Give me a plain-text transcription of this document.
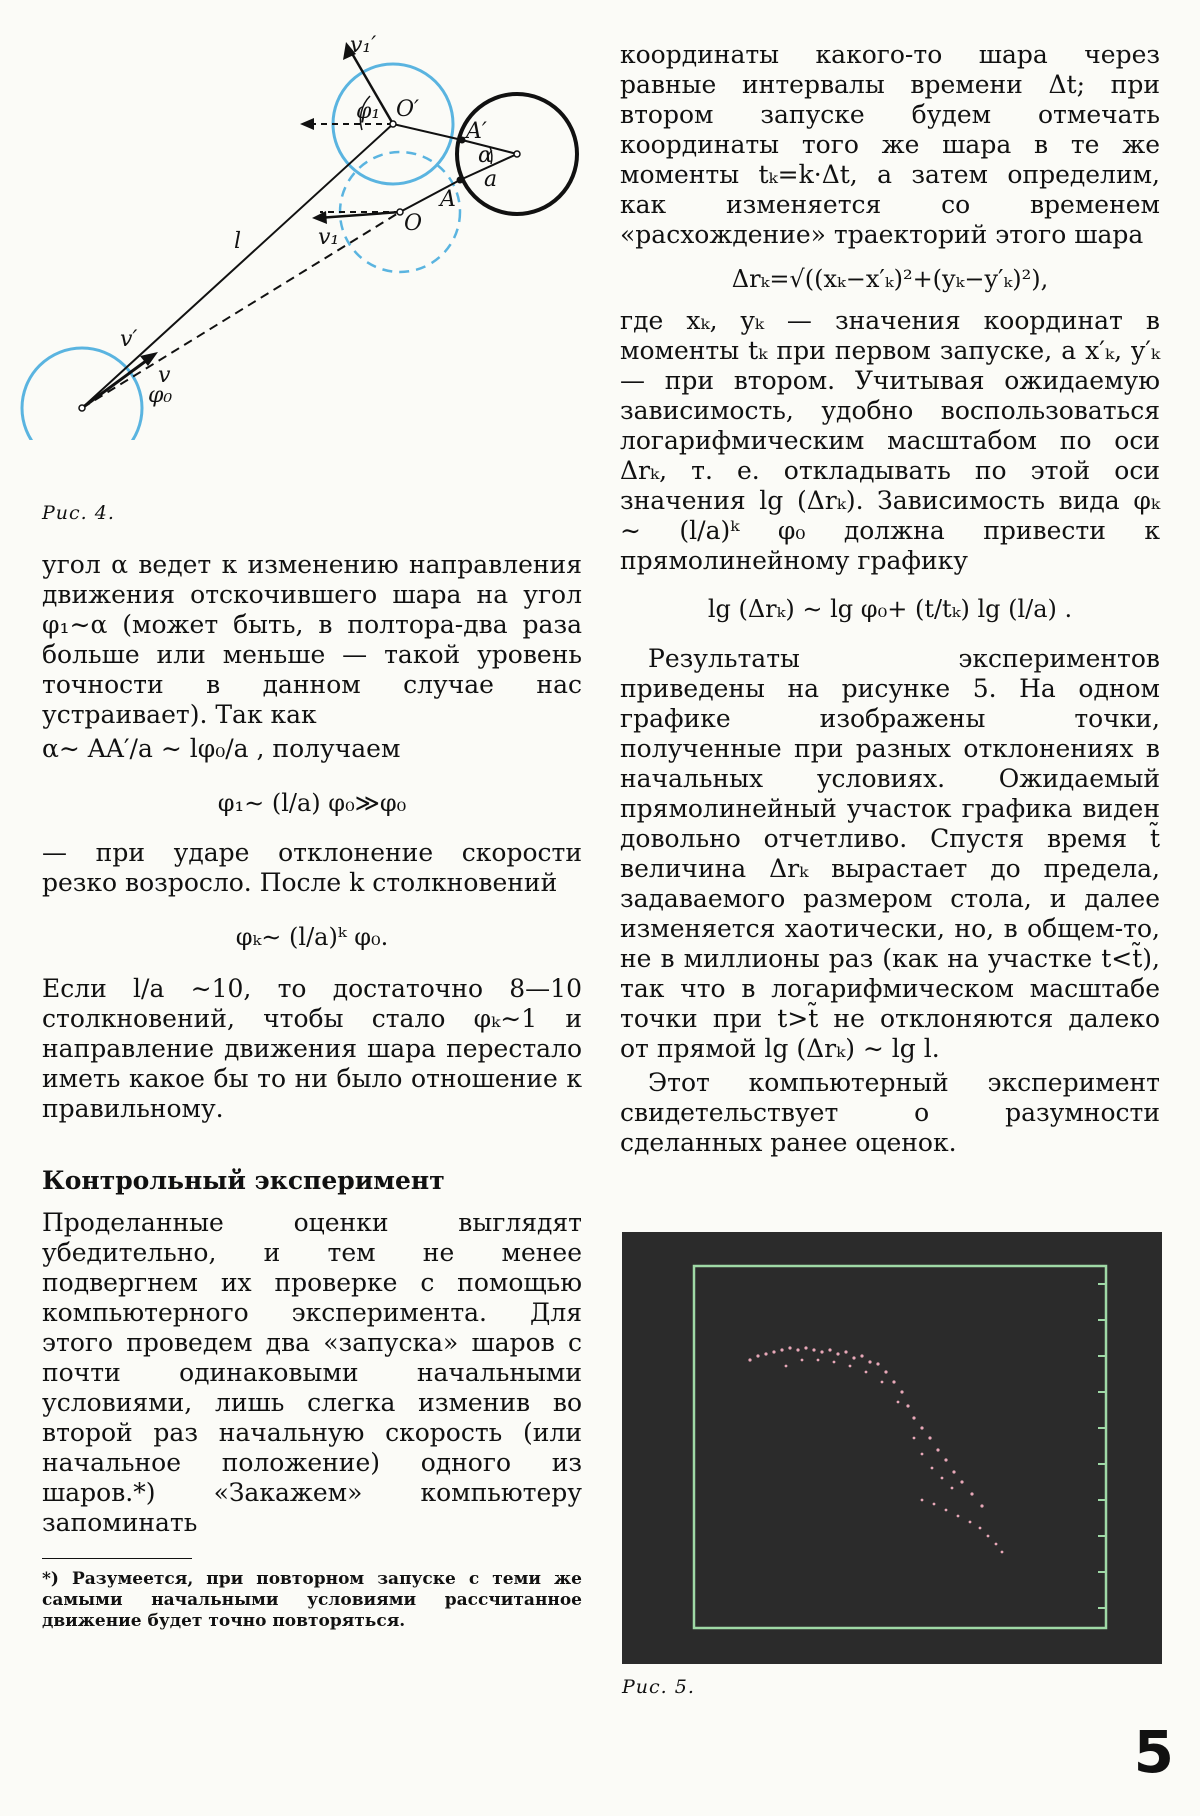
v₁′
φ₁ O′
A′
α
a
A
O
v₁
l
v′
v
φ₀
Рис. 4.

угол α ведет к изменению направления движения отскочившего шара на угол φ₁∼α (может быть, в полтора-два раза больше или меньше — такой уровень точности в данном случае нас устраивает). Так как

α∼ AA′/a ∼ lφ₀/a , получаем

φ₁∼ (l/a) φ₀≫φ₀

— при ударе отклонение скорости резко возросло. После k столкновений

φₖ∼ (l/a)ᵏ φ₀.

Если l/a ∼10, то достаточно 8—10 столкновений, чтобы стало φₖ∼1 и направление движения шара перестало иметь какое бы то ни было отношение к правильному.

Контрольный эксперимент

Проделанные оценки выглядят убедительно, и тем не менее подвергнем их проверке с помощью компьютерного эксперимента. Для этого проведем два «запуска» шаров с почти одинаковыми начальными условиями, лишь слегка изменив во второй раз начальную скорость (или начальное положение) одного из шаров.*) «Закажем» компьютеру запоминать

*) Разумеется, при повторном запуске с теми же самыми начальными условиями рассчитанное движение будет точно повторяться.

координаты какого-то шара через равные интервалы времени Δt; при втором запуске будем отмечать координаты того же шара в те же моменты tₖ=k·Δt, а затем определим, как изменяется со временем «расхождение» траекторий этого шара

Δrₖ=√((xₖ−x′ₖ)²+(yₖ−y′ₖ)²),

где xₖ, yₖ — значения координат в моменты tₖ при первом запуске, а x′ₖ, y′ₖ— при втором. Учитывая ожидаемую зависимость, удобно воспользоваться логарифмическим масштабом по оси Δrₖ, т. е. откладывать по этой оси значения lg (Δrₖ). Зависимость вида φₖ ∼ (l/a)ᵏ φ₀ должна привести к прямолинейному графику

lg (Δrₖ) ∼ lg φ₀+ (t/tₖ) lg (l/a) .

Результаты экспериментов приведены на рисунке 5. На одном графике изображены точки, полученные при разных отклонениях в начальных условиях. Ожидаемый прямолинейный участок графика виден довольно отчетливо. Спустя время t̃ величина Δrₖ вырастает до предела, задаваемого размером стола, и далее изменяется хаотически, но, в общем-то, не в миллионы раз (как на участке t<t̃), так что в логарифмическом масштабе точки при t>t̃ не отклоняются далеко от прямой lg (Δrₖ) ∼ lg l.

Этот компьютерный эксперимент свидетельствует о разумности сделанных ранее оценок.

Рис. 5.
5
